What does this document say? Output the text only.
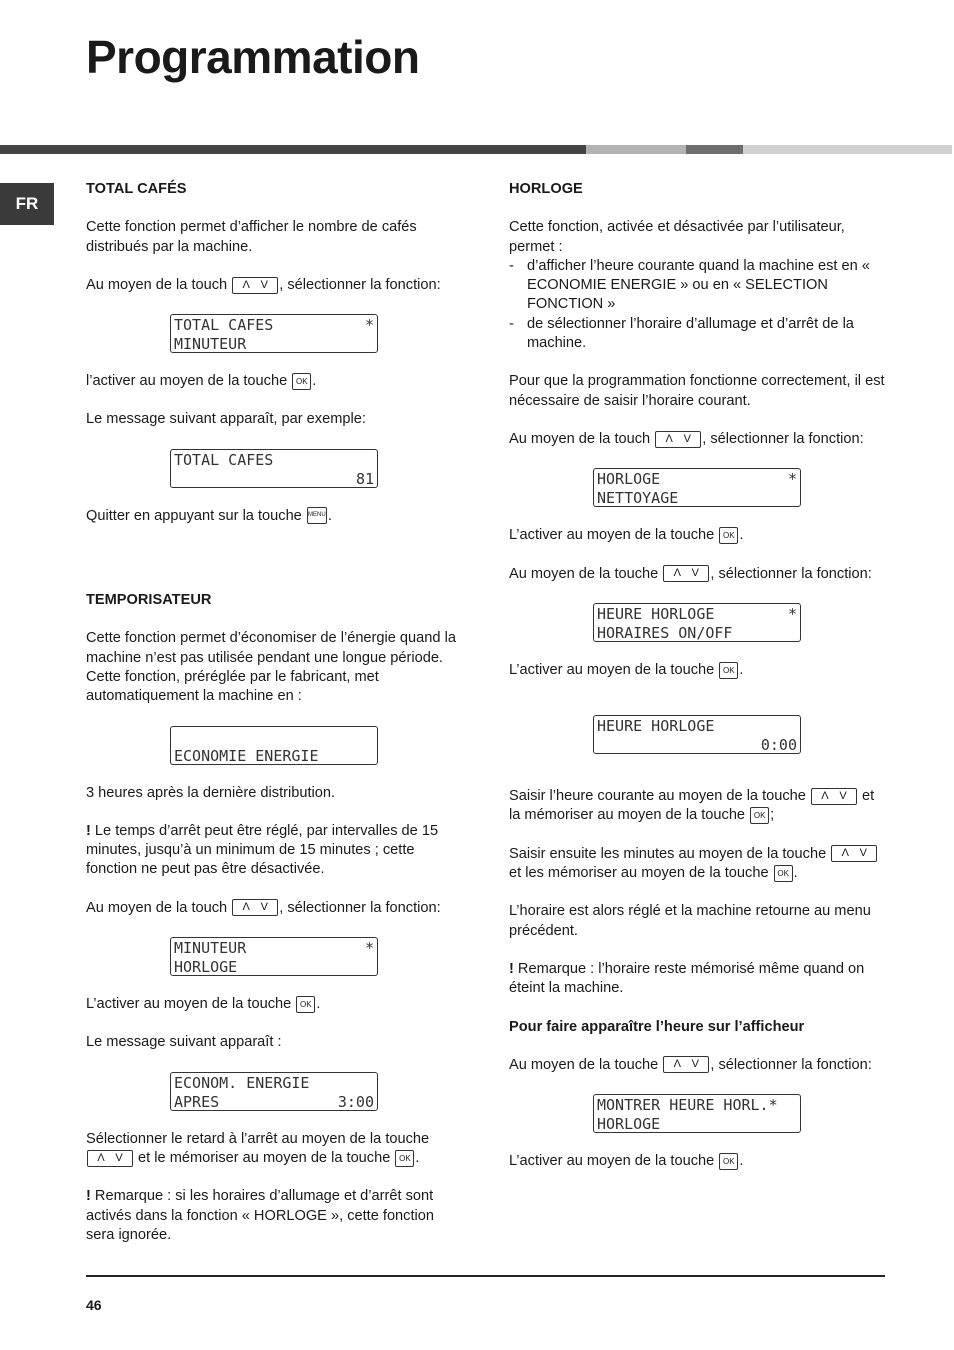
Programmation
FR
TOTAL CAFÉS

Cette fonction permet d’afficher le nombre de cafés distribués par la machine.

Au moyen de la touch Λ V , sélectionner la fonction:

TOTAL CAFES	*
MINUTEUR

l’activer au moyen de la touche OK .

Le message suivant apparaît, par exemple:

TOTAL CAFES
81

Quitter en appuyant sur la touche MENU .

TEMPORISATEUR

Cette fonction permet d’économiser de l’énergie quand la machine n’est pas utilisée pendant une longue période. Cette fonction, préréglée par le fabricant, met automatiquement la machine en :

ECONOMIE ENERGIE

3 heures après la dernière distribution.

! Le temps d’arrêt peut être réglé, par intervalles de 15 minutes, jusqu’à un minimum de 15 minutes ; cette fonction ne peut pas être désactivée.

Au moyen de la touch Λ V , sélectionner la fonction:

MINUTEUR	*
HORLOGE

L’activer au moyen de la touche OK .

Le message suivant apparaît :

ECONOM. ENERGIE
APRES	3:00

Sélectionner le retard à l’arrêt au moyen de la touche Λ V et le mémoriser au moyen de la touche OK .

! Remarque : si les horaires d’allumage et d’arrêt sont activés dans la fonction « HORLOGE », cette fonction sera ignorée.

HORLOGE

Cette fonction, activée et désactivée par l’utilisateur, permet :

- d’afficher l’heure courante quand la machine est en « ECONOMIE ENERGIE » ou en « SELECTION FONCTION »
- de sélectionner l’horaire d’allumage et d’arrêt de la machine.

Pour que la programmation fonctionne correctement, il est nécessaire de saisir l’horaire courant.

Au moyen de la touch Λ V , sélectionner la fonction:

HORLOGE	*
NETTOYAGE

L’activer au moyen de la touche OK .

Au moyen de la touche Λ V , sélectionner la fonction:

HEURE HORLOGE	*
HORAIRES ON/OFF

L’activer au moyen de la touche OK .

HEURE HORLOGE
0:00

Saisir l’heure courante au moyen de la touche Λ V et la mémoriser au moyen de la touche OK ;

Saisir ensuite les minutes au moyen de la touche Λ V et les mémoriser au moyen de la touche OK .

L’horaire est alors réglé et la machine retourne au menu précédent.

! Remarque : l’horaire reste mémorisé même quand on éteint la machine.

Pour faire apparaître l’heure sur l’afficheur

Au moyen de la touche Λ V , sélectionner la fonction:

MONTRER HEURE HORL.*
HORLOGE

L’activer au moyen de la touche OK .

46
